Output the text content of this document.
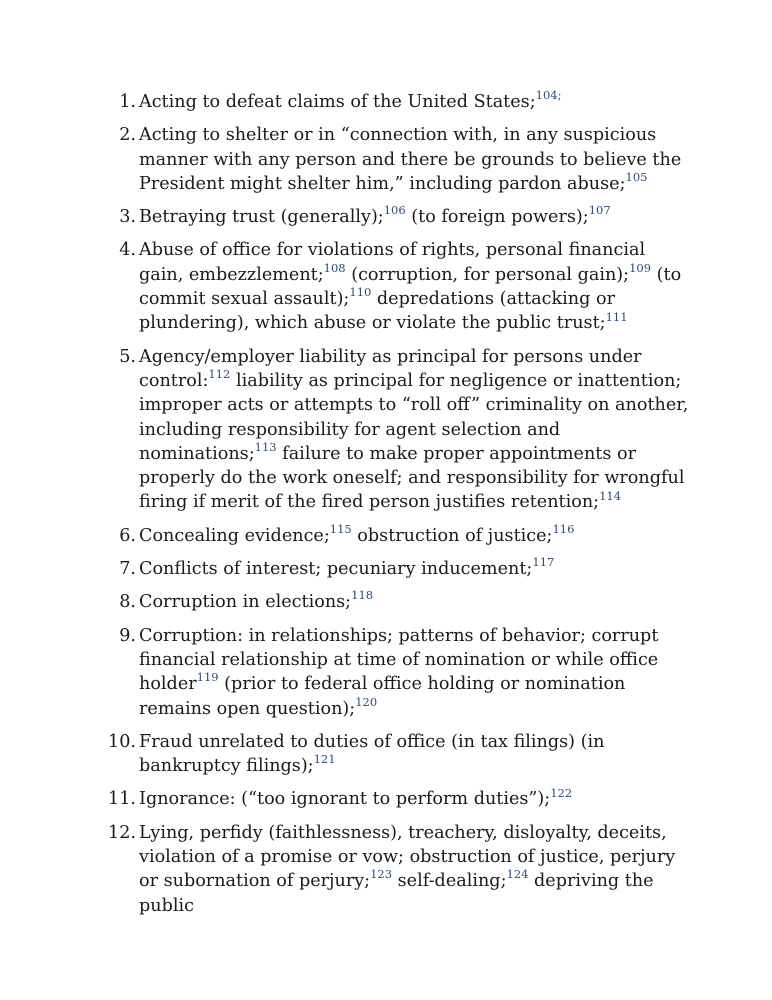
1. Acting to defeat claims of the United States;$^{104;}$
2. Acting to shelter or in “connection with, in any suspicious manner with any person and there be grounds to believe the President might shelter him,” including pardon abuse;$^{105}$
3. Betraying trust (generally);$^{106}$ (to foreign powers);$^{107}$
4. Abuse of office for violations of rights, personal financial gain, embezzlement;$^{108}$ (corruption, for personal gain);$^{109}$ (to commit sexual assault);$^{110}$ depredations (attacking or plundering), which abuse or violate the public trust;$^{111}$
5. Agency/employer liability as principal for persons under control:$^{112}$ liability as principal for negligence or inattention; improper acts or attempts to “roll off” criminality on another, including responsibility for agent selection and nominations;$^{113}$ failure to make proper appointments or properly do the work oneself; and responsibility for wrongful firing if merit of the fired person justifies retention;$^{114}$
6. Concealing evidence;$^{115}$ obstruction of justice;$^{116}$
7. Conflicts of interest; pecuniary inducement;$^{117}$
8. Corruption in elections;$^{118}$
9. Corruption: in relationships; patterns of behavior; corrupt financial relationship at time of nomination or while office holder$^{119}$ (prior to federal office holding or nomination remains open question);$^{120}$
10. Fraud unrelated to duties of office (in tax filings) (in bankruptcy filings);$^{121}$
11. Ignorance: (“too ignorant to perform duties”);$^{122}$
12. Lying, perfidy (faithlessness), treachery, disloyalty, deceits, violation of a promise or vow; obstruction of justice, perjury or subornation of perjury;$^{123}$ self-dealing;$^{124}$ depriving the public
